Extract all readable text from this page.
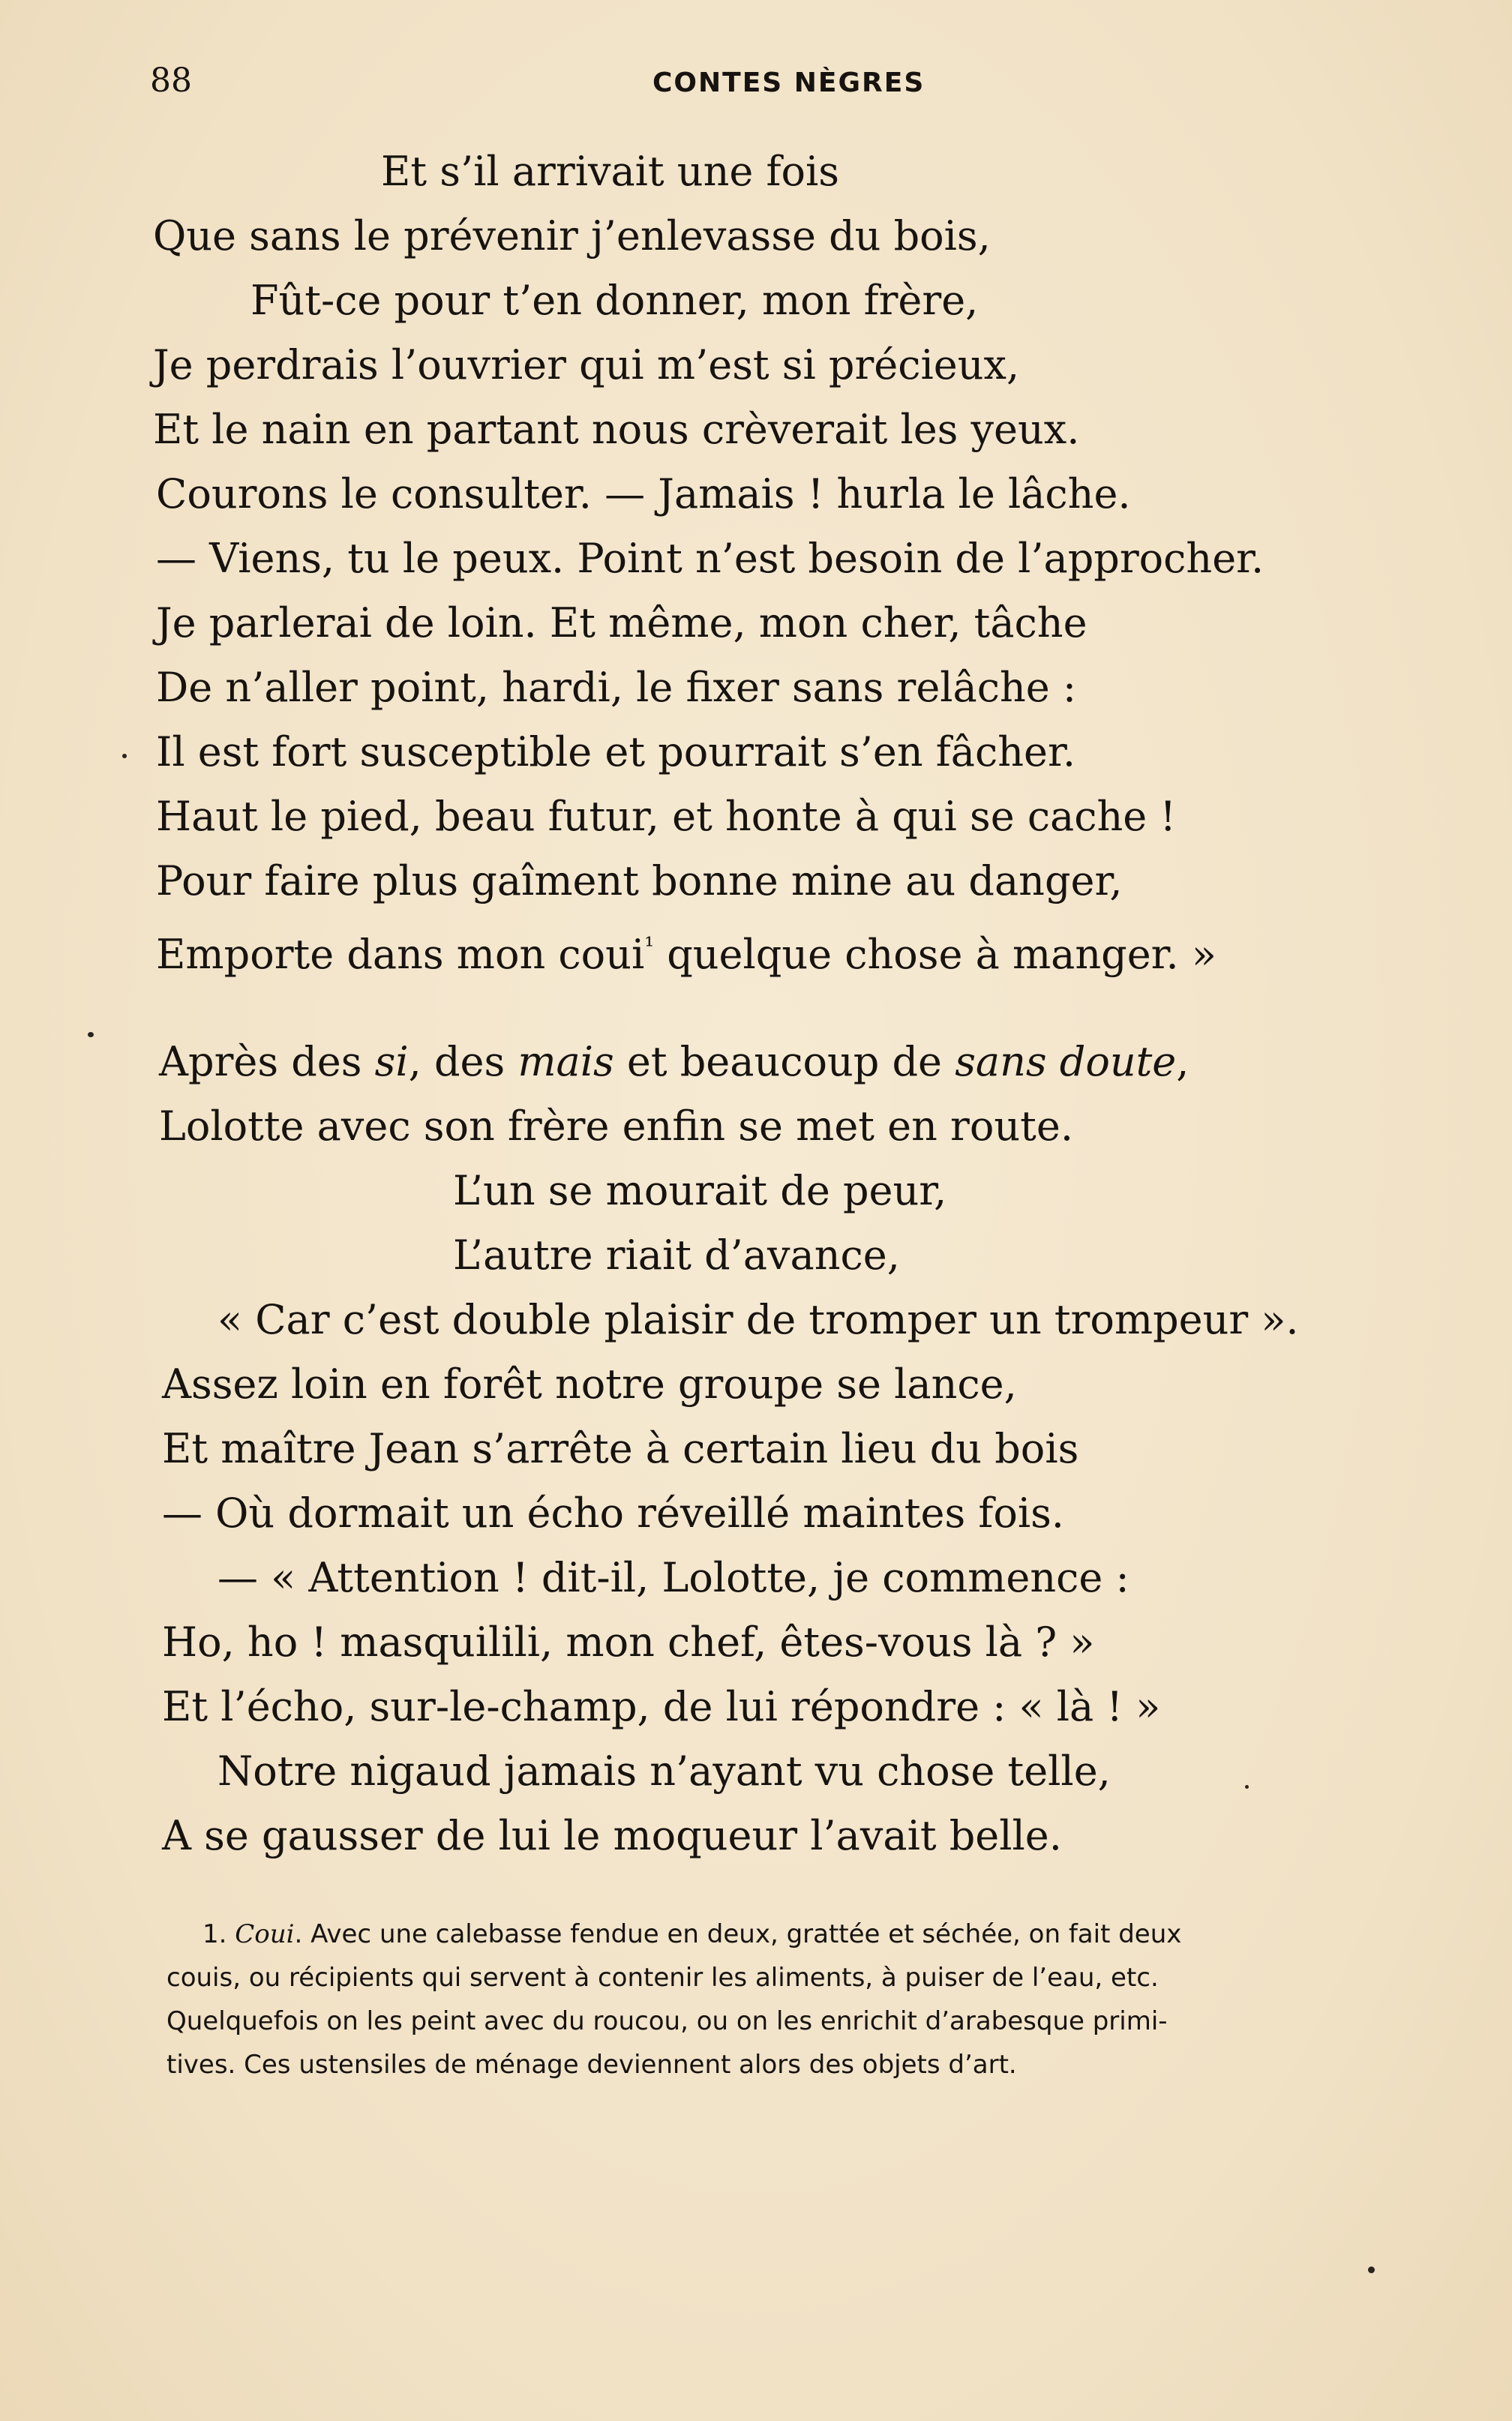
88	CONTES NÈGRES
Et s’il arrivait une fois
Que sans le prévenir j’enlevasse du bois,
Fût-ce pour t’en donner, mon frère,
Je perdrais l’ouvrier qui m’est si précieux,
Et le nain en partant nous crèverait les yeux.
Courons le consulter. — Jamais ! hurla le lâche.
— Viens, tu le peux. Point n’est besoin de l’approcher.
Je parlerai de loin. Et même, mon cher, tâche
De n’aller point, hardi, le fixer sans relâche :
Il est fort susceptible et pourrait s’en fâcher.
Haut le pied, beau futur, et honte à qui se cache !
Pour faire plus gaîment bonne mine au danger,
Emporte dans mon coui$^{^1}$ quelque chose à manger. »
Après des si, des mais et beaucoup de sans doute,
Lolotte avec son frère enfin se met en route.
L’un se mourait de peur,
L’autre riait d’avance,
« Car c’est double plaisir de tromper un trompeur ».
Assez loin en forêt notre groupe se lance,
Et maître Jean s’arrête à certain lieu du bois
— Où dormait un écho réveillé maintes fois.
— « Attention ! dit-il, Lolotte, je commence :
Ho, ho ! masquilili, mon chef, êtes-vous là ? »
Et l’écho, sur-le-champ, de lui répondre : « là ! »
Notre nigaud jamais n’ayant vu chose telle,
A se gausser de lui le moqueur l’avait belle.
1. Coui. Avec une calebasse fendue en deux, grattée et séchée, on fait deux
couis, ou récipients qui servent à contenir les aliments, à puiser de l’eau, etc.
Quelquefois on les peint avec du roucou, ou on les enrichit d’arabesque primi-
tives. Ces ustensiles de ménage deviennent alors des objets d’art.
